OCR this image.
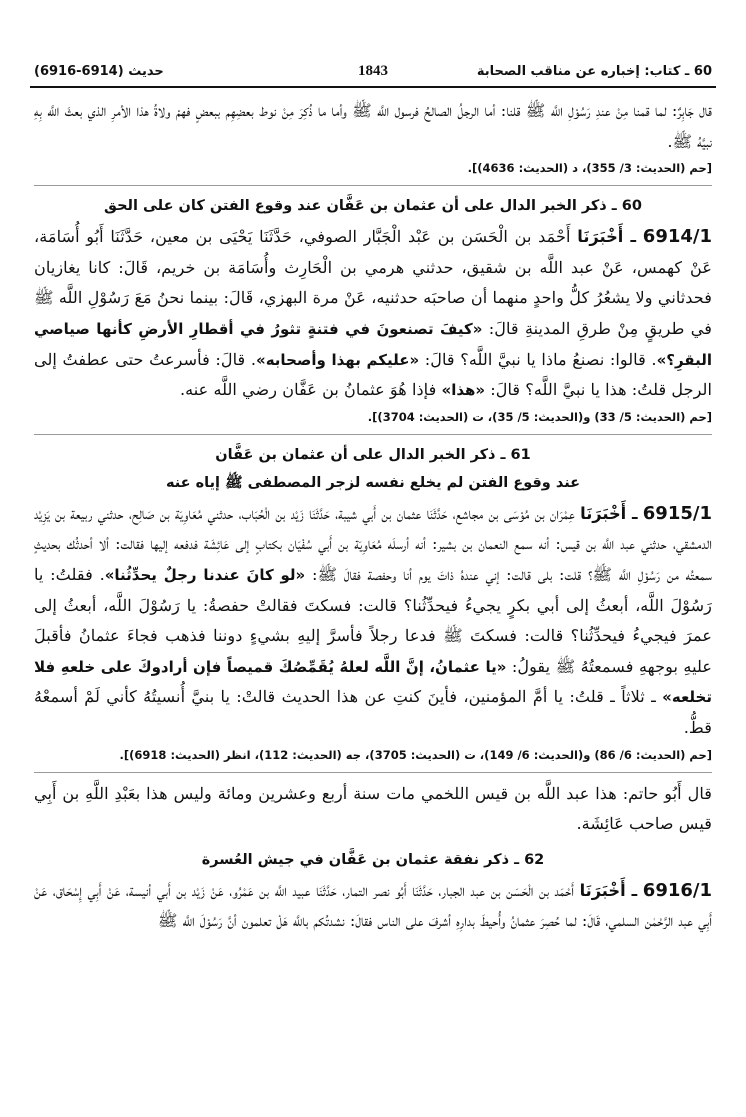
60 ـ كتاب: إخباره عن مناقب الصحابة
1843
حديث (6914-6916)

قال جَابِرٌ: لما قمنا مِنْ عندِ رَسُوْلِ اللَّه ﷺ قلنا: أما الرجلُ الصالحُ فرسول اللَّه ﷺ وأما ما ذُكِرَ مِنْ نوط بعضِهِم ببعضٍ فهمْ ولاةُ هذا الأمرِ الذي بعثَ اللَّه بِهِ نبيَّهُ ﷺ.

[حم (الحديث: 3/ 355)، د (الحديث: 4636)].
60 ـ ذكر الخبر الدال على أن عثمان بن عَفَّان عند وقوع الفتن كان على الحق

6914/1 ـ أَخْبَرَنَا أَحْمَد بن الْحَسَن بن عَبْد الْجَبَّار الصوفي، حَدَّثَنَا يَحْيَى بن معين، حَدَّثَنَا أَبُو أُسَامَة، عَنْ كهمس، عَنْ عبد اللَّه بن شقيق، حدثني هرمي بن الْحَارِث وأُسَامَة بن خريم، قَالَ: كانا يغازيان فحدثاني ولا يشعُرُ كلُّ واحدٍ منهما أن صاحبَه حدثنيه، عَنْ مرة البهزي، قَالَ: بينما نحنُ مَعَ رَسُوْلِ اللَّه ﷺ في طريقٍ مِنْ طرقِ المدينةِ قالَ: «كيفَ تصنعونَ في فتنةٍ تثورُ في أقطارِ الأرضِ كأنها صياصي البقرِ؟». قالوا: نصنعُ ماذا يا نبيَّ اللَّه؟ قالَ: «عليكم بهذا وأصحابه». قالَ: فأسرعتُ حتى عطفتُ إلى الرجل قلتُ: هذا يا نبيَّ اللَّه؟ قالَ: «هذا» فإذا هُوَ عثمانُ بن عَفَّان رضي اللَّه عنه.

[حم (الحديث: 5/ 33) و(الحديث: 5/ 35)، ت (الحديث: 3704)].
61 ـ ذكر الخبر الدال على أن عثمان بن عَفَّان
عند وقوع الفتن لم يخلع نفسه لزجر المصطفى ﷺ إياه عنه

6915/1 ـ أَخْبَرَنَا عِمْرَان بن مُوْسَى بن مجاشع، حَدَّثَنَا عثمان بن أَبي شيبة، حَدَّثَنَا زَيْد بن الْحُبَاب، حدثني مُعَاوِيَة بن صَالِح، حدثني ربيعة بن يَزِيْد الدمشقي، حدثني عبد اللَّه بن قيس: أنه سمع النعمان بن بشير: أنه أرسلَه مُعَاوِيَة بن أَبي سُفْيَان بكتابٍ إلى عَائِشَة فدفعه إليها فقالت: ألا أحدثُك بحديثٍ سمعتُه من رَسُوْلِ اللَّه ﷺ؟ قلت: بلى قالت: إني عندهُ ذاتَ يوم أنا وحفصة فقالَ ﷺ: «لو كانَ عندنا رجلٌ يحدِّثُنا». فقلتُ: يا رَسُوْلَ اللَّه، أبعثُ إلى أبي بكرٍ يجيءُ فيحدِّثُنا؟ قالت: فسكتَ فقالتْ حفصةُ: يا رَسُوْلَ اللَّه، أبعثُ إلى عمرَ فيجيءُ فيحدِّثُنا؟ قالت: فسكتَ ﷺ فدعا رجلاً فأسرَّ إليهِ بشيءٍ دوننا فذهب فجاءَ عثمانُ فأقبلَ عليهِ بوجههِ فسمعتُهُ ﷺ يقولُ: «يا عثمانُ، إنَّ اللَّه لعلهُ يُقَمِّصُكَ قميصاً فإن أرادوكَ على خلعهِ فلا تخلعه» ـ ثلاثاً ـ قلتُ: يا أمَّ المؤمنين، فأينَ كنتِ عن هذا الحديث قالتْ: يا بنيَّ أُنسيتُهُ كأني لَمْ أسمعْهُ قطُّ.

[حم (الحديث: 6/ 86) و(الحديث: 6/ 149)، ت (الحديث: 3705)، جه (الحديث: 112)، انظر (الحديث: 6918)].

قال أَبُو حاتم: هذا عبد اللَّه بن قيس اللخمي مات سنة أربع وعشرين ومائة وليس هذا بعَبْدِ اللَّهِ بن أَبِي قيس صاحب عَائِشَة.

62 ـ ذكر نفقة عثمان بن عَفَّان في جيش العُسرة

6916/1 ـ أَخْبَرَنَا أَحْمَد بن الْحَسَن بن عبد الجبار، حَدَّثَنَا أَبُو نصر التمار، حَدَّثَنَا عبيد اللَّه بن عَمْرُو، عَنْ زَيْد بن أَبي أنيسة، عَنْ أَبِي إِسْحَاق، عَنْ أَبِي عبد الرَّحْمٰن السلمي، قَالَ: لما حُصِرَ عثمانُ وأُحيطَ بدارِهِ أشرفَ على الناس فقالَ: نشدتُكم باللَّه هَلْ تعلمون أنَّ رَسُوْلَ اللَّه ﷺ
